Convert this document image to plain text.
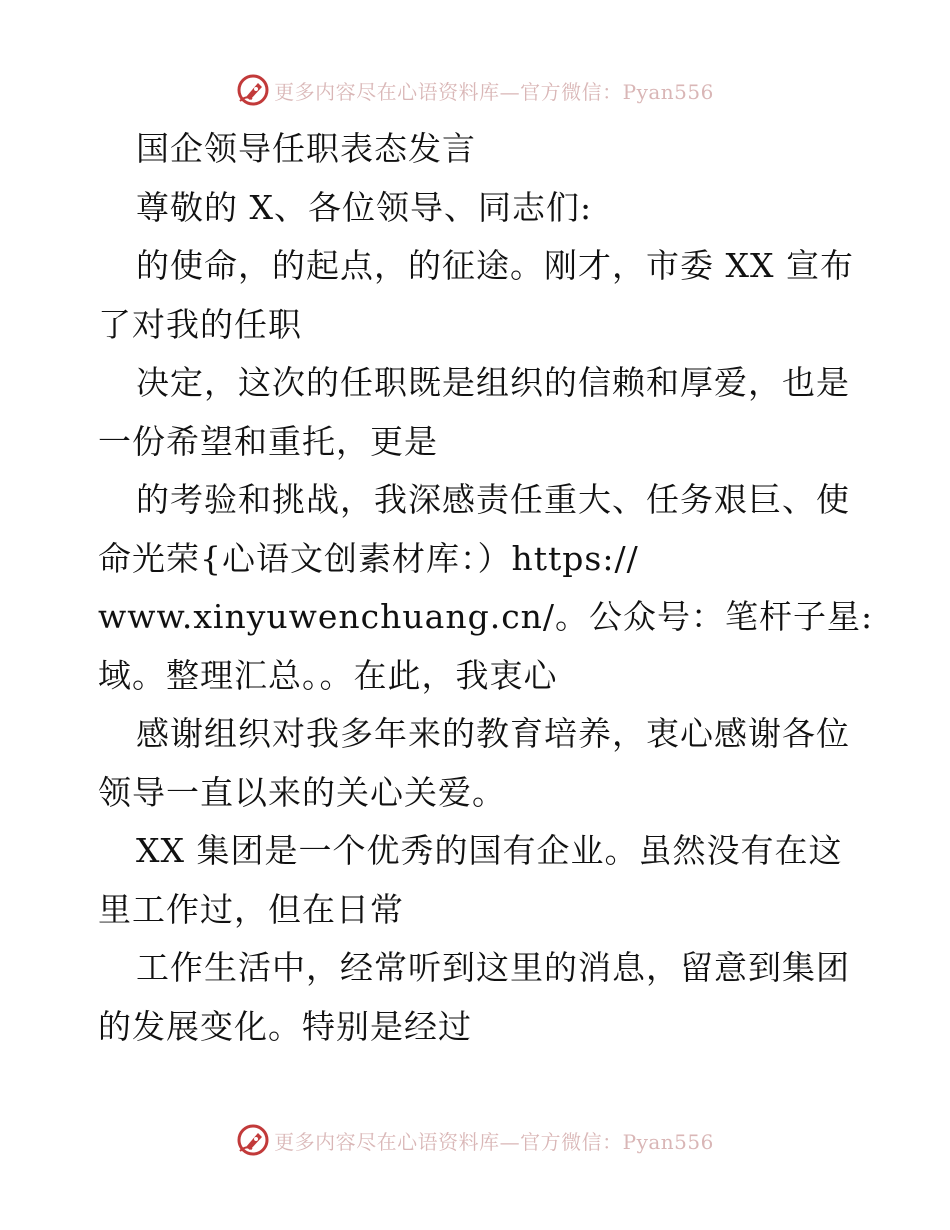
更多内容尽在心语资料库—官方微信：Pyan556
国企领导任职表态发言
尊敬的 X、各位领导、同志们:
的使命，的起点，的征途。刚才，市委 XX 宣布
了对我的任职
决定，这次的任职既是组织的信赖和厚爱，也是
一份希望和重托，更是
的考验和挑战，我深感责任重大、任务艰巨、使
命光荣{心语文创素材库：）https://
www.xinyuwenchuang.cn/。公众号：笔杆子星:
域。整理汇总。。在此，我衷心
感谢组织对我多年来的教育培养，衷心感谢各位
领导一直以来的关心关爱。
XX 集团是一个优秀的国有企业。虽然没有在这
里工作过，但在日常
工作生活中，经常听到这里的消息，留意到集团
的发展变化。特别是经过
更多内容尽在心语资料库—官方微信：Pyan556
